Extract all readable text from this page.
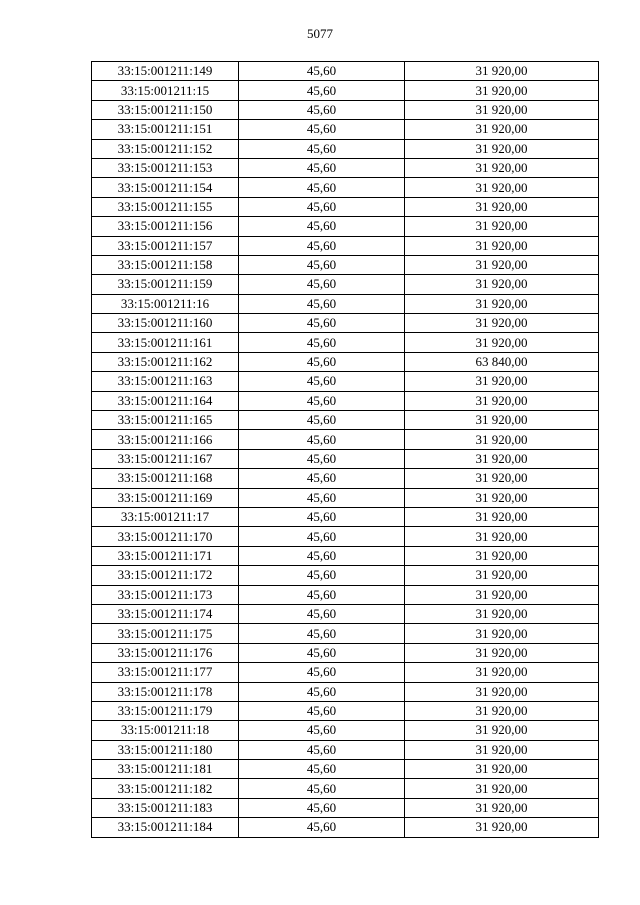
5077
33:15:001211:149	45,60	31 920,00
33:15:001211:15	45,60	31 920,00
33:15:001211:150	45,60	31 920,00
33:15:001211:151	45,60	31 920,00
33:15:001211:152	45,60	31 920,00
33:15:001211:153	45,60	31 920,00
33:15:001211:154	45,60	31 920,00
33:15:001211:155	45,60	31 920,00
33:15:001211:156	45,60	31 920,00
33:15:001211:157	45,60	31 920,00
33:15:001211:158	45,60	31 920,00
33:15:001211:159	45,60	31 920,00
33:15:001211:16	45,60	31 920,00
33:15:001211:160	45,60	31 920,00
33:15:001211:161	45,60	31 920,00
33:15:001211:162	45,60	63 840,00
33:15:001211:163	45,60	31 920,00
33:15:001211:164	45,60	31 920,00
33:15:001211:165	45,60	31 920,00
33:15:001211:166	45,60	31 920,00
33:15:001211:167	45,60	31 920,00
33:15:001211:168	45,60	31 920,00
33:15:001211:169	45,60	31 920,00
33:15:001211:17	45,60	31 920,00
33:15:001211:170	45,60	31 920,00
33:15:001211:171	45,60	31 920,00
33:15:001211:172	45,60	31 920,00
33:15:001211:173	45,60	31 920,00
33:15:001211:174	45,60	31 920,00
33:15:001211:175	45,60	31 920,00
33:15:001211:176	45,60	31 920,00
33:15:001211:177	45,60	31 920,00
33:15:001211:178	45,60	31 920,00
33:15:001211:179	45,60	31 920,00
33:15:001211:18	45,60	31 920,00
33:15:001211:180	45,60	31 920,00
33:15:001211:181	45,60	31 920,00
33:15:001211:182	45,60	31 920,00
33:15:001211:183	45,60	31 920,00
33:15:001211:184	45,60	31 920,00
